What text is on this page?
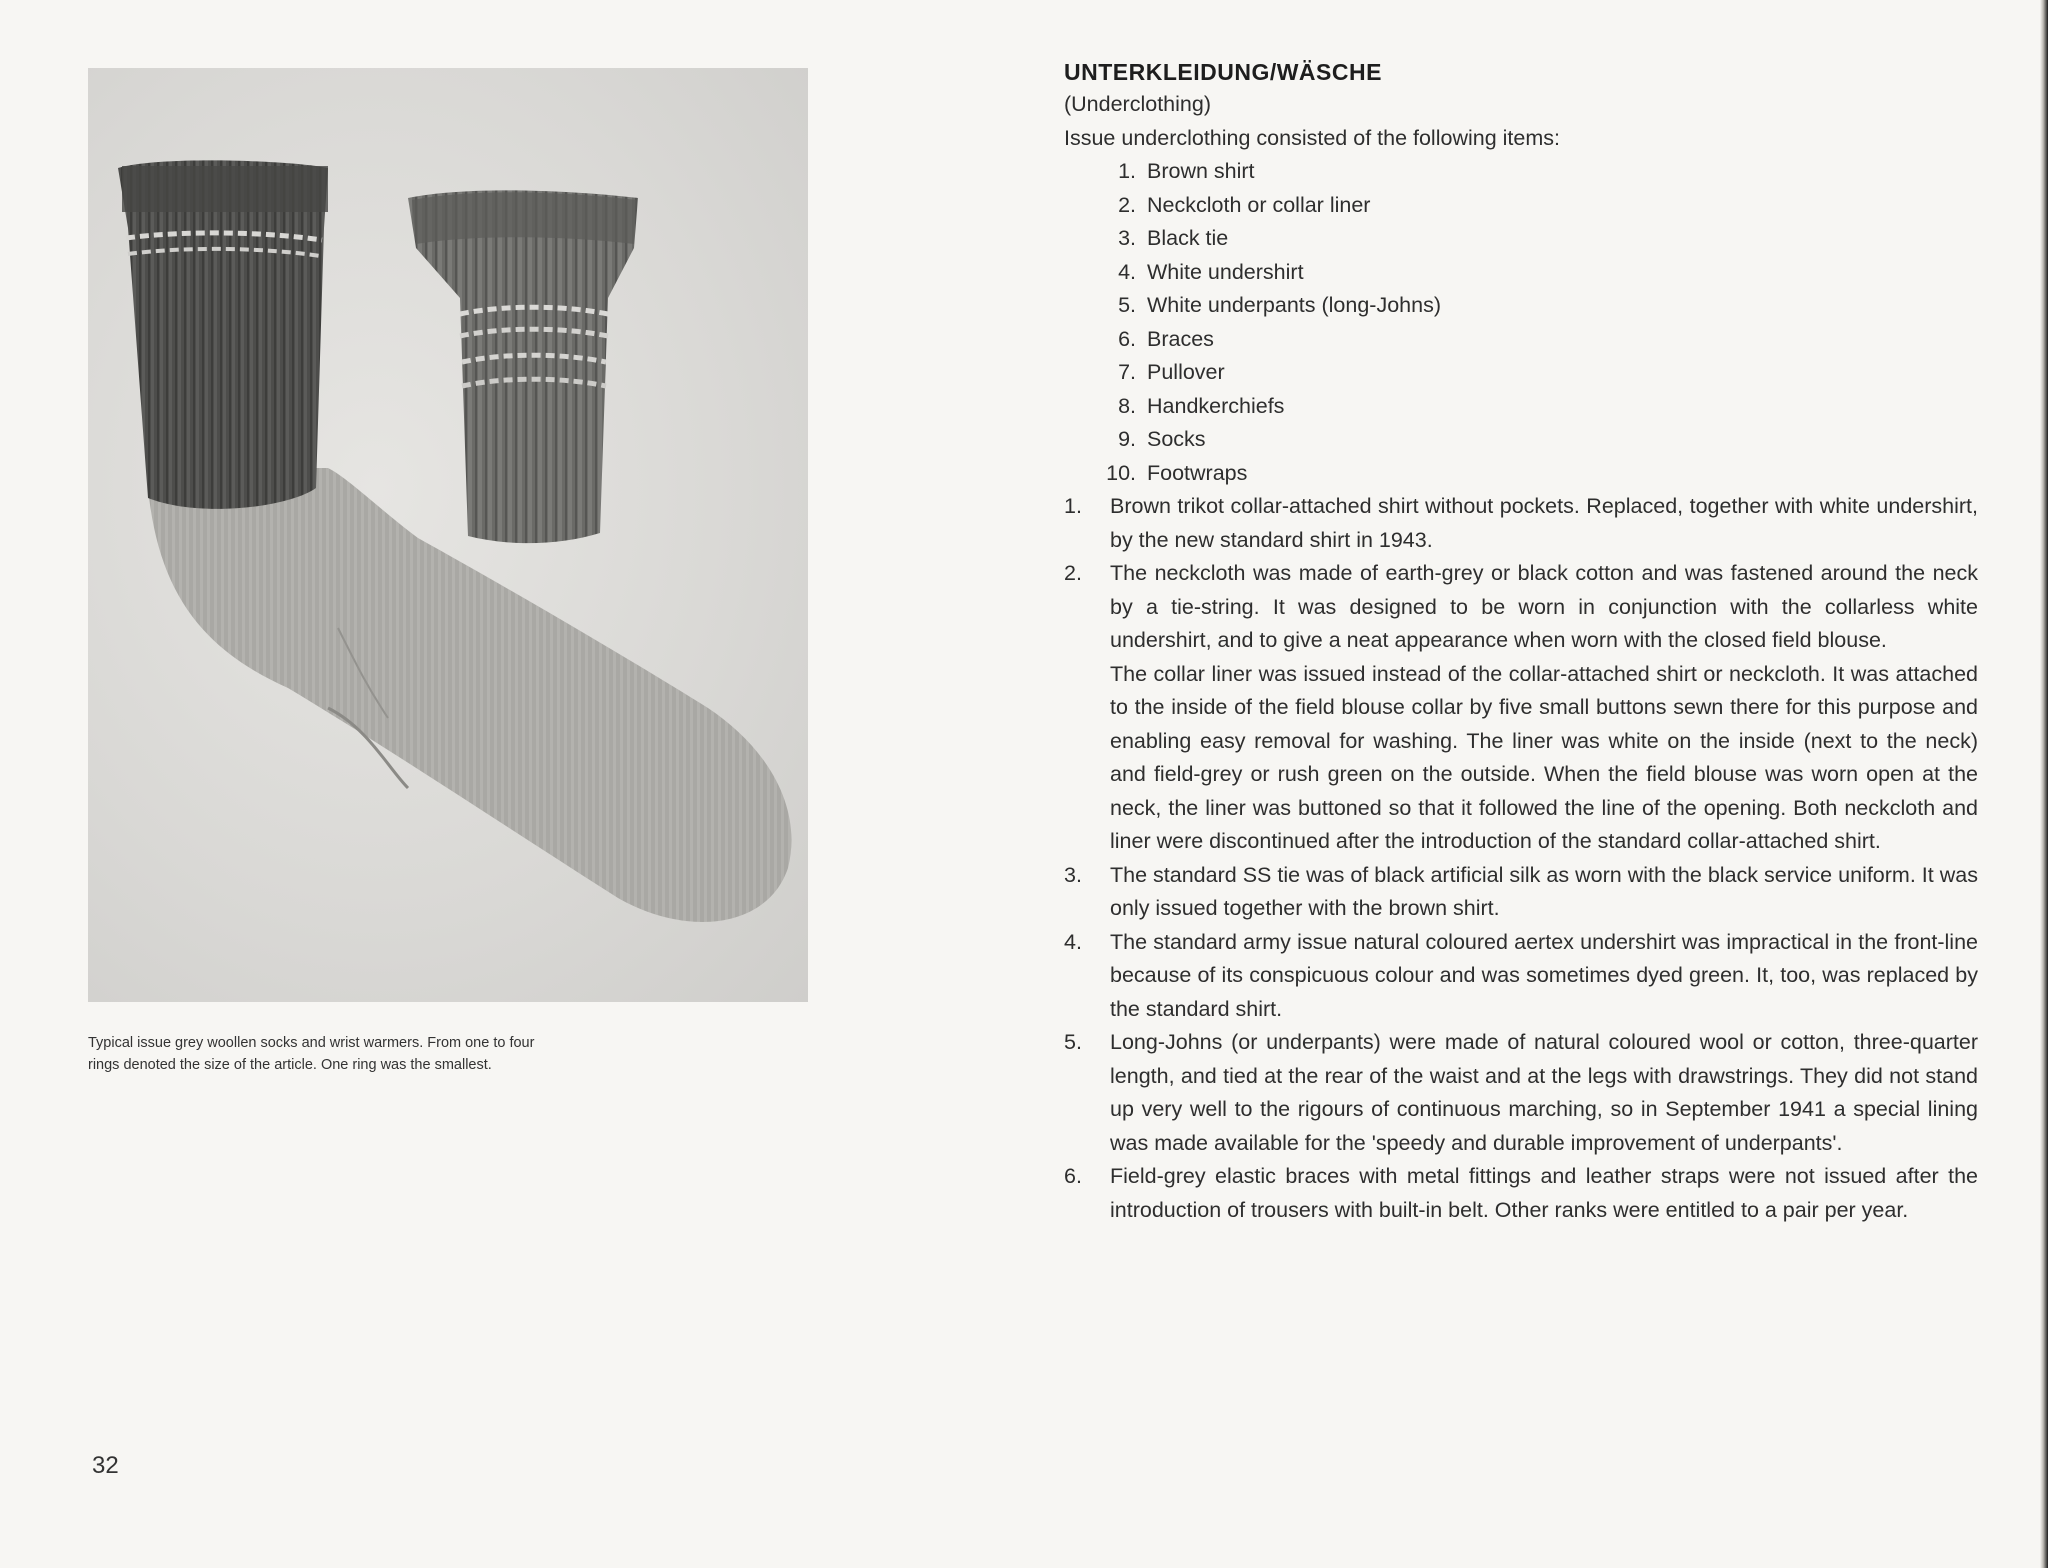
Typical issue grey woollen socks and wrist warmers. From one to four
rings denoted the size of the article. One ring was the smallest.
32
UNTERKLEIDUNG/WÄSCHE
(Underclothing)
Issue underclothing consisted of the following items:
1. Brown shirt
2. Neckcloth or collar liner
3. Black tie
4. White undershirt
5. White underpants (long-Johns)
6. Braces
7. Pullover
8. Handkerchiefs
9. Socks
10. Footwraps
1.	Brown trikot collar-attached shirt without pockets. Replaced, together with white undershirt, by the new standard shirt in 1943.

2.	The neckcloth was made of earth-grey or black cotton and was fastened around the neck by a tie-string. It was designed to be worn in conjunction with the collarless white undershirt, and to give a neat appearance when worn with the closed field blouse.

The collar liner was issued instead of the collar-attached shirt or neckcloth. It was attached to the inside of the field blouse collar by five small buttons sewn there for this purpose and enabling easy removal for washing. The liner was white on the inside (next to the neck) and field-grey or rush green on the outside. When the field blouse was worn open at the neck, the liner was buttoned so that it followed the line of the opening. Both neckcloth and liner were discontinued after the introduction of the standard collar-attached shirt.

3.	The standard SS tie was of black artificial silk as worn with the black service uniform. It was only issued together with the brown shirt.

4.	The standard army issue natural coloured aertex undershirt was impractical in the front-line because of its conspicuous colour and was sometimes dyed green. It, too, was replaced by the standard shirt.

5.	Long-Johns (or underpants) were made of natural coloured wool or cotton, three-quarter length, and tied at the rear of the waist and at the legs with drawstrings. They did not stand up very well to the rigours of continuous marching, so in September 1941 a special lining was made available for the 'speedy and durable improvement of underpants'.

6.	Field-grey elastic braces with metal fittings and leather straps were not issued after the introduction of trousers with built-in belt. Other ranks were entitled to a pair per year.
